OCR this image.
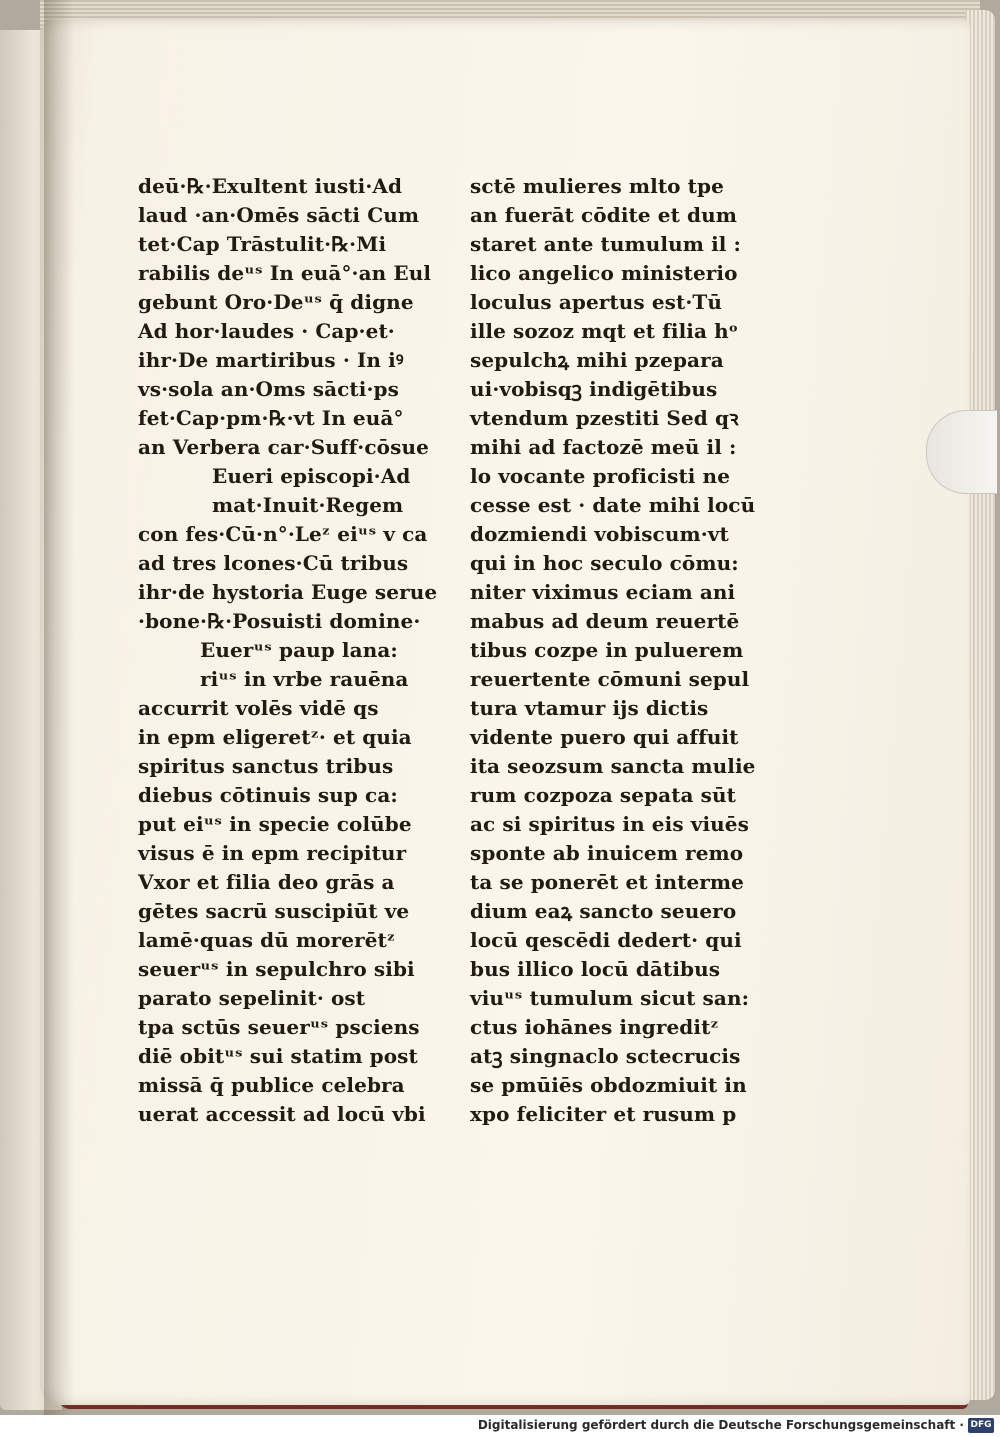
deū·℞·Exultent iusti·Ad
laud ·an·Omēs sācti Cum
tet·Cap Trāstulit·℞·Mi
rabilis deᵘˢ In euā°·an Eul
gebunt Oro·Deᵘˢ q̄ digne
Ad hor·laudes · Cap·et·
ihr·De martiribus · In iꝰ
vs·sola an·Oms sācti·ps
fet·Cap·pm·℞·vt In euā°
an Verbera car·Suff·cōsue
Eueri episcopi·Ad
mat·Inuit·Regem
con fes·Cū·n°·Leᶻ eiᵘˢ v ca
ad tres lcones·Cū tribus
ihr·de hystoria Euge serue
·bone·℞·Posuisti domine·
Euerᵘˢ paup lana:
riᵘˢ in vrbe rauēna
accurrit volēs vidē qs
in epm eligeretᶻ· et quia
spiritus sanctus tribus
diebus cōtinuis sup ca:
put eiᵘˢ in specie colūbe
visus ē in epm recipitur
Vxor et filia deo grās a
gētes sacrū suscipiūt ve
lamē·quas dū morerētᶻ
seuerᵘˢ in sepulchro sibi
parato sepelinit· ost
tpa sctūs seuerᵘˢ psciens
diē obitᵘˢ sui statim post
missā q̄ publice celebra
uerat accessit ad locū vbi
sctē mulieres mlto tpe
an fuerāt cōdite et dum
staret ante tumulum il :
lico angelico ministerio
loculus apertus est·Tū
ille sozoz mqt et filia hᵒ
sepulchꝝ mihi pzepara
ui·vobisqꝫ indigētibus
vtendum pzestiti Sed qꝛ
mihi ad factozē meū il :
lo vocante proficisti ne
cesse est · date mihi locū
dozmiendi vobiscum·vt
qui in hoc seculo cōmu:
niter viximus eciam ani
mabus ad deum reuertē
tibus cozpe in puluerem
reuertente cōmuni sepul
tura vtamur ijs dictis
vidente puero qui affuit
ita seozsum sancta mulie
rum cozpoza sepata sūt
ac si spiritus in eis viuēs
sponte ab inuicem remo
ta se ponerēt et interme
dium eaꝝ sancto seuero
locū qescēdi dedert· qui
bus illico locū dātibus
viuᵘˢ tumulum sicut san:
ctus iohānes ingreditᶻ
atꝫ singnaclo sctecrucis
se pmūiēs obdozmiuit in
xpo feliciter et rusum p
Digitalisierung gefördert durch die Deutsche Forschungsgemeinschaft · DFG
